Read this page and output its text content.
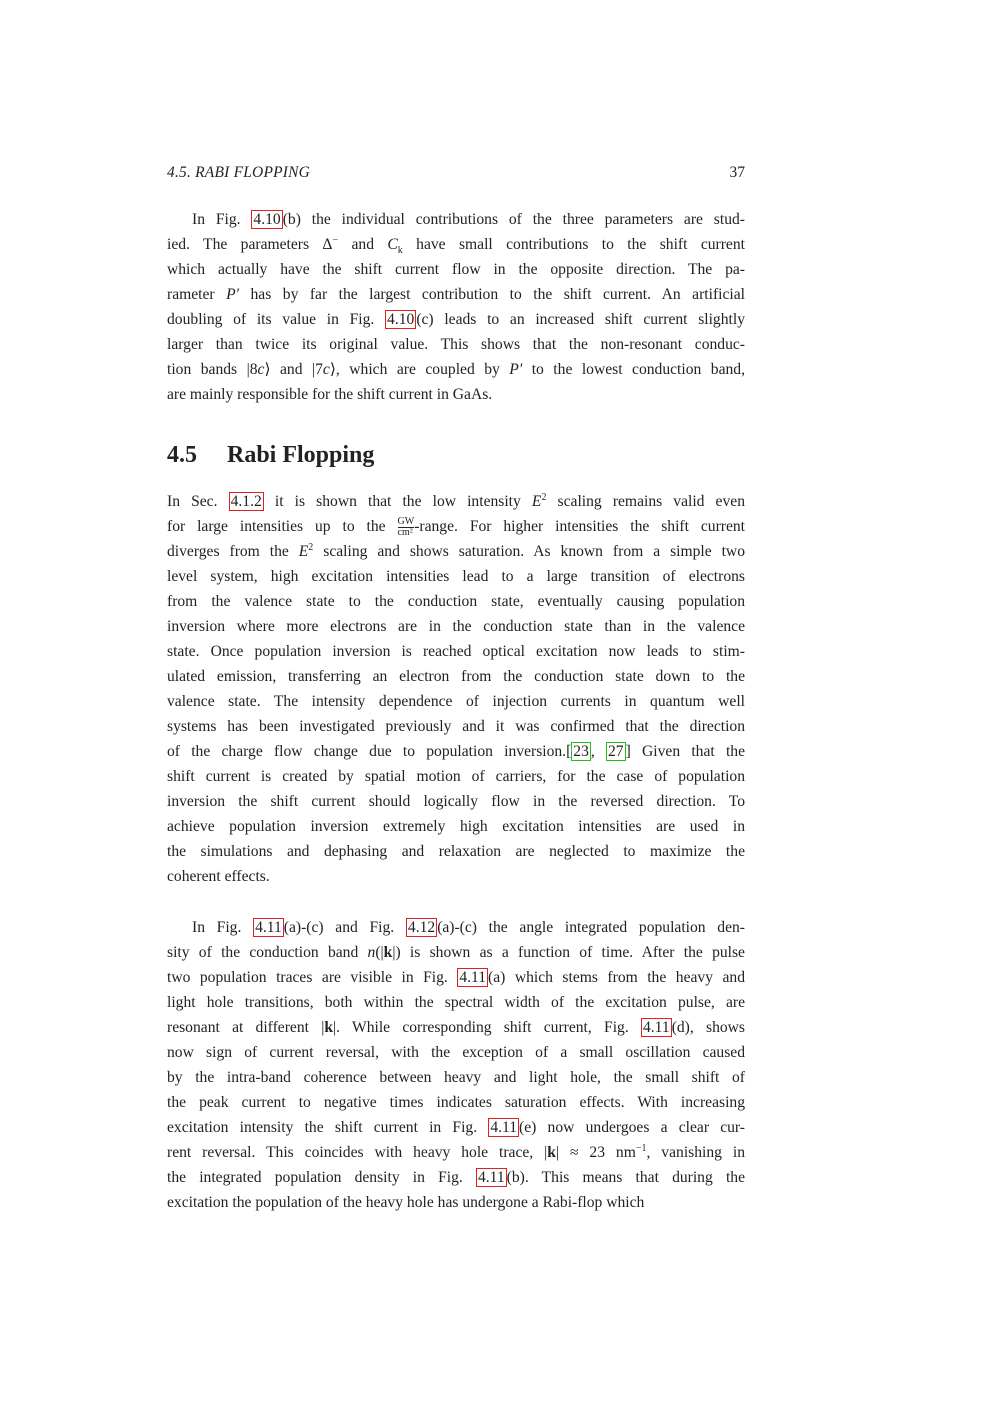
4.5. RABI FLOPPING	37
In Fig. 4.10 (b) the individual contributions of the three parameters are stud-
ied. The parameters Δ− and $C_k$ have small contributions to the shift current
which actually have the shift current flow in the opposite direction. The pa-
rameter P′ has by far the largest contribution to the shift current. An artificial
doubling of its value in Fig. 4.10 (c) leads to an increased shift current slightly
larger than twice its original value. This shows that the non-resonant conduc-
tion bands |8c⟩ and |7c⟩, which are coupled by P′ to the lowest conduction band,
are mainly responsible for the shift current in GaAs.
4.5 Rabi Flopping
In Sec. 4.1.2 it is shown that the low intensity $E^2$ scaling remains valid even
for large intensities up to the $\frac{GW}{\text{cm²}}$ -range. For higher intensities the shift current
diverges from the $E^2$ scaling and shows saturation. As known from a simple two
level system, high excitation intensities lead to a large transition of electrons
from the valence state to the conduction state, eventually causing population
inversion where more electrons are in the conduction state than in the valence
state. Once population inversion is reached optical excitation now leads to stim-
ulated emission, transferring an electron from the conduction state down to the
valence state. The intensity dependence of injection currents in quantum well
systems has been investigated previously and it was confirmed that the direction
of the charge flow change due to population inversion.[ 23 , 27 ] Given that the
shift current is created by spatial motion of carriers, for the case of population
inversion the shift current should logically flow in the reversed direction. To
achieve population inversion extremely high excitation intensities are used in
the simulations and dephasing and relaxation are neglected to maximize the
coherent effects.
In Fig. 4.11 (a)-(c) and Fig. 4.12 (a)-(c) the angle integrated population den-
sity of the conduction band n(|k|) is shown as a function of time. After the pulse
two population traces are visible in Fig. 4.11 (a) which stems from the heavy and
light hole transitions, both within the spectral width of the excitation pulse, are
resonant at different |k|. While corresponding shift current, Fig. 4.11 (d), shows
now sign of current reversal, with the exception of a small oscillation caused
by the intra-band coherence between heavy and light hole, the small shift of
the peak current to negative times indicates saturation effects. With increasing
excitation intensity the shift current in Fig. 4.11 (e) now undergoes a clear cur-
rent reversal. This coincides with heavy hole trace, |k| ≈ 23 $nm^{-1}$, vanishing in
the integrated population density in Fig. 4.11 (b). This means that during the
excitation the population of the heavy hole has undergone a Rabi-flop which
